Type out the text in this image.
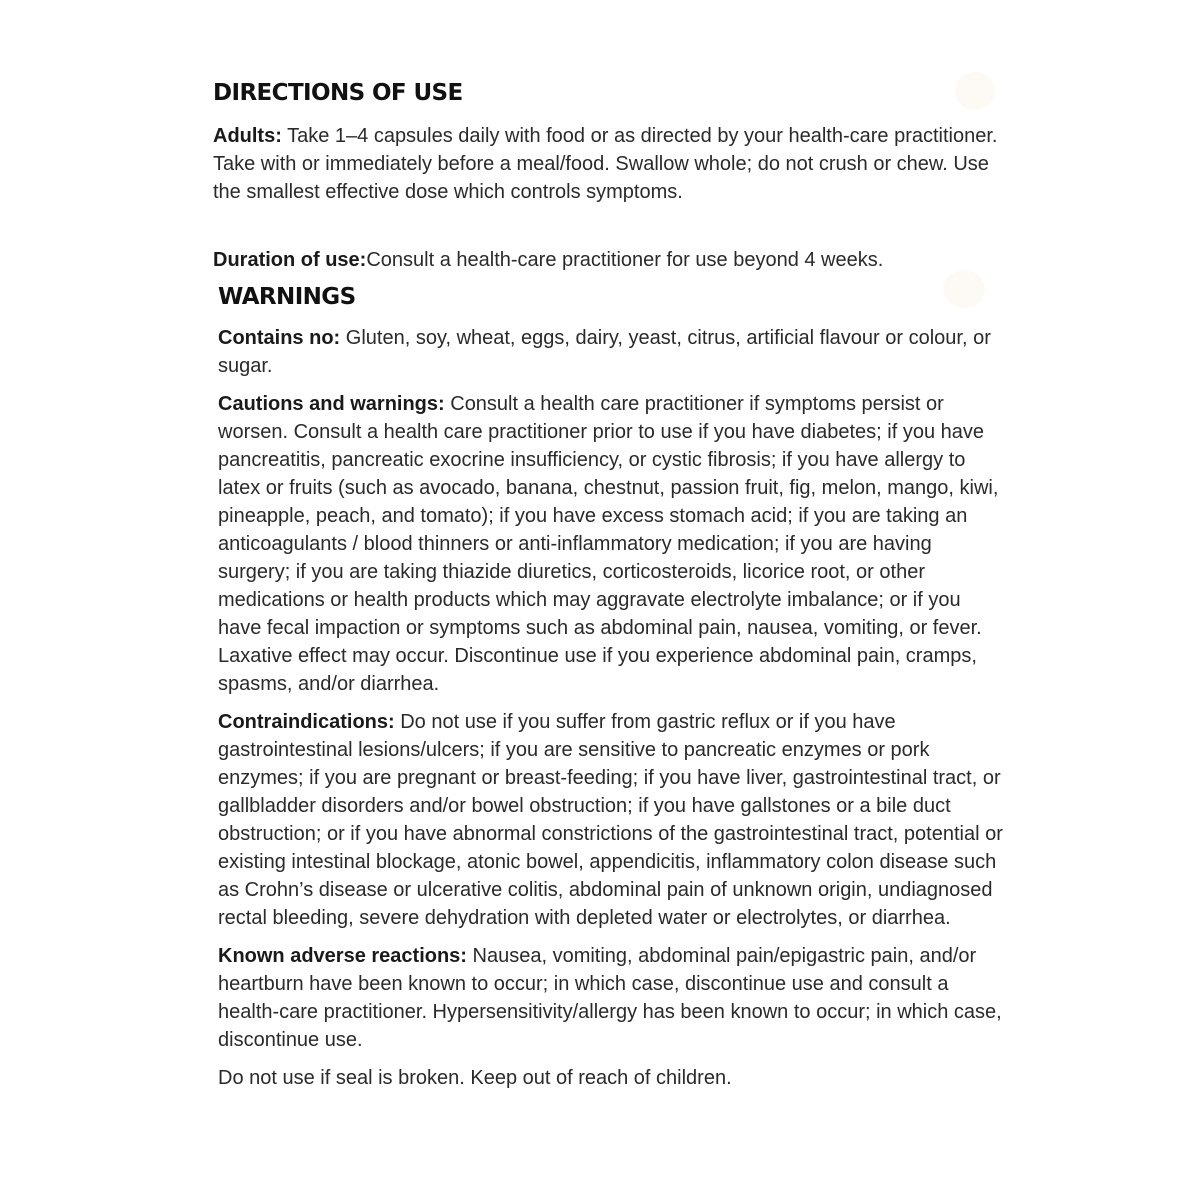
DIRECTIONS OF USE

Adults: Take 1–4 capsules daily with food or as directed by your health-care practitioner. Take with or immediately before a meal/food. Swallow whole; do not crush or chew. Use the smallest effective dose which controls symptoms.

Duration of use:Consult a health-care practitioner for use beyond 4 weeks.

WARNINGS

Contains no: Gluten, soy, wheat, eggs, dairy, yeast, citrus, artificial flavour or colour, or sugar.

Cautions and warnings: Consult a health care practitioner if symptoms persist or worsen. Consult a health care practitioner prior to use if you have diabetes; if you have pancreatitis, pancreatic exocrine insufficiency, or cystic fibrosis; if you have allergy to latex or fruits (such as avocado, banana, chestnut, passion fruit, fig, melon, mango, kiwi, pineapple, peach, and tomato); if you have excess stomach acid; if you are taking an anticoagulants / blood thinners or anti-inflammatory medication; if you are having surgery; if you are taking thiazide diuretics, corticosteroids, licorice root, or other medications or health products which may aggravate electrolyte imbalance; or if you have fecal impaction or symptoms such as abdominal pain, nausea, vomiting, or fever. Laxative effect may occur. Discontinue use if you experience abdominal pain, cramps, spasms, and/or diarrhea.

Contraindications: Do not use if you suffer from gastric reflux or if you have gastrointestinal lesions/ulcers; if you are sensitive to pancreatic enzymes or pork enzymes; if you are pregnant or breast-feeding; if you have liver, gastrointestinal tract, or gallbladder disorders and/or bowel obstruction; if you have gallstones or a bile duct obstruction; or if you have abnormal constrictions of the gastrointestinal tract, potential or existing intestinal blockage, atonic bowel, appendicitis, inflammatory colon disease such as Crohn’s disease or ulcerative colitis, abdominal pain of unknown origin, undiagnosed rectal bleeding, severe dehydration with depleted water or electrolytes, or diarrhea.

Known adverse reactions: Nausea, vomiting, abdominal pain/epigastric pain, and/or heartburn have been known to occur; in which case, discontinue use and consult a health-care practitioner. Hypersensitivity/allergy has been known to occur; in which case, discontinue use.

Do not use if seal is broken. Keep out of reach of children.
